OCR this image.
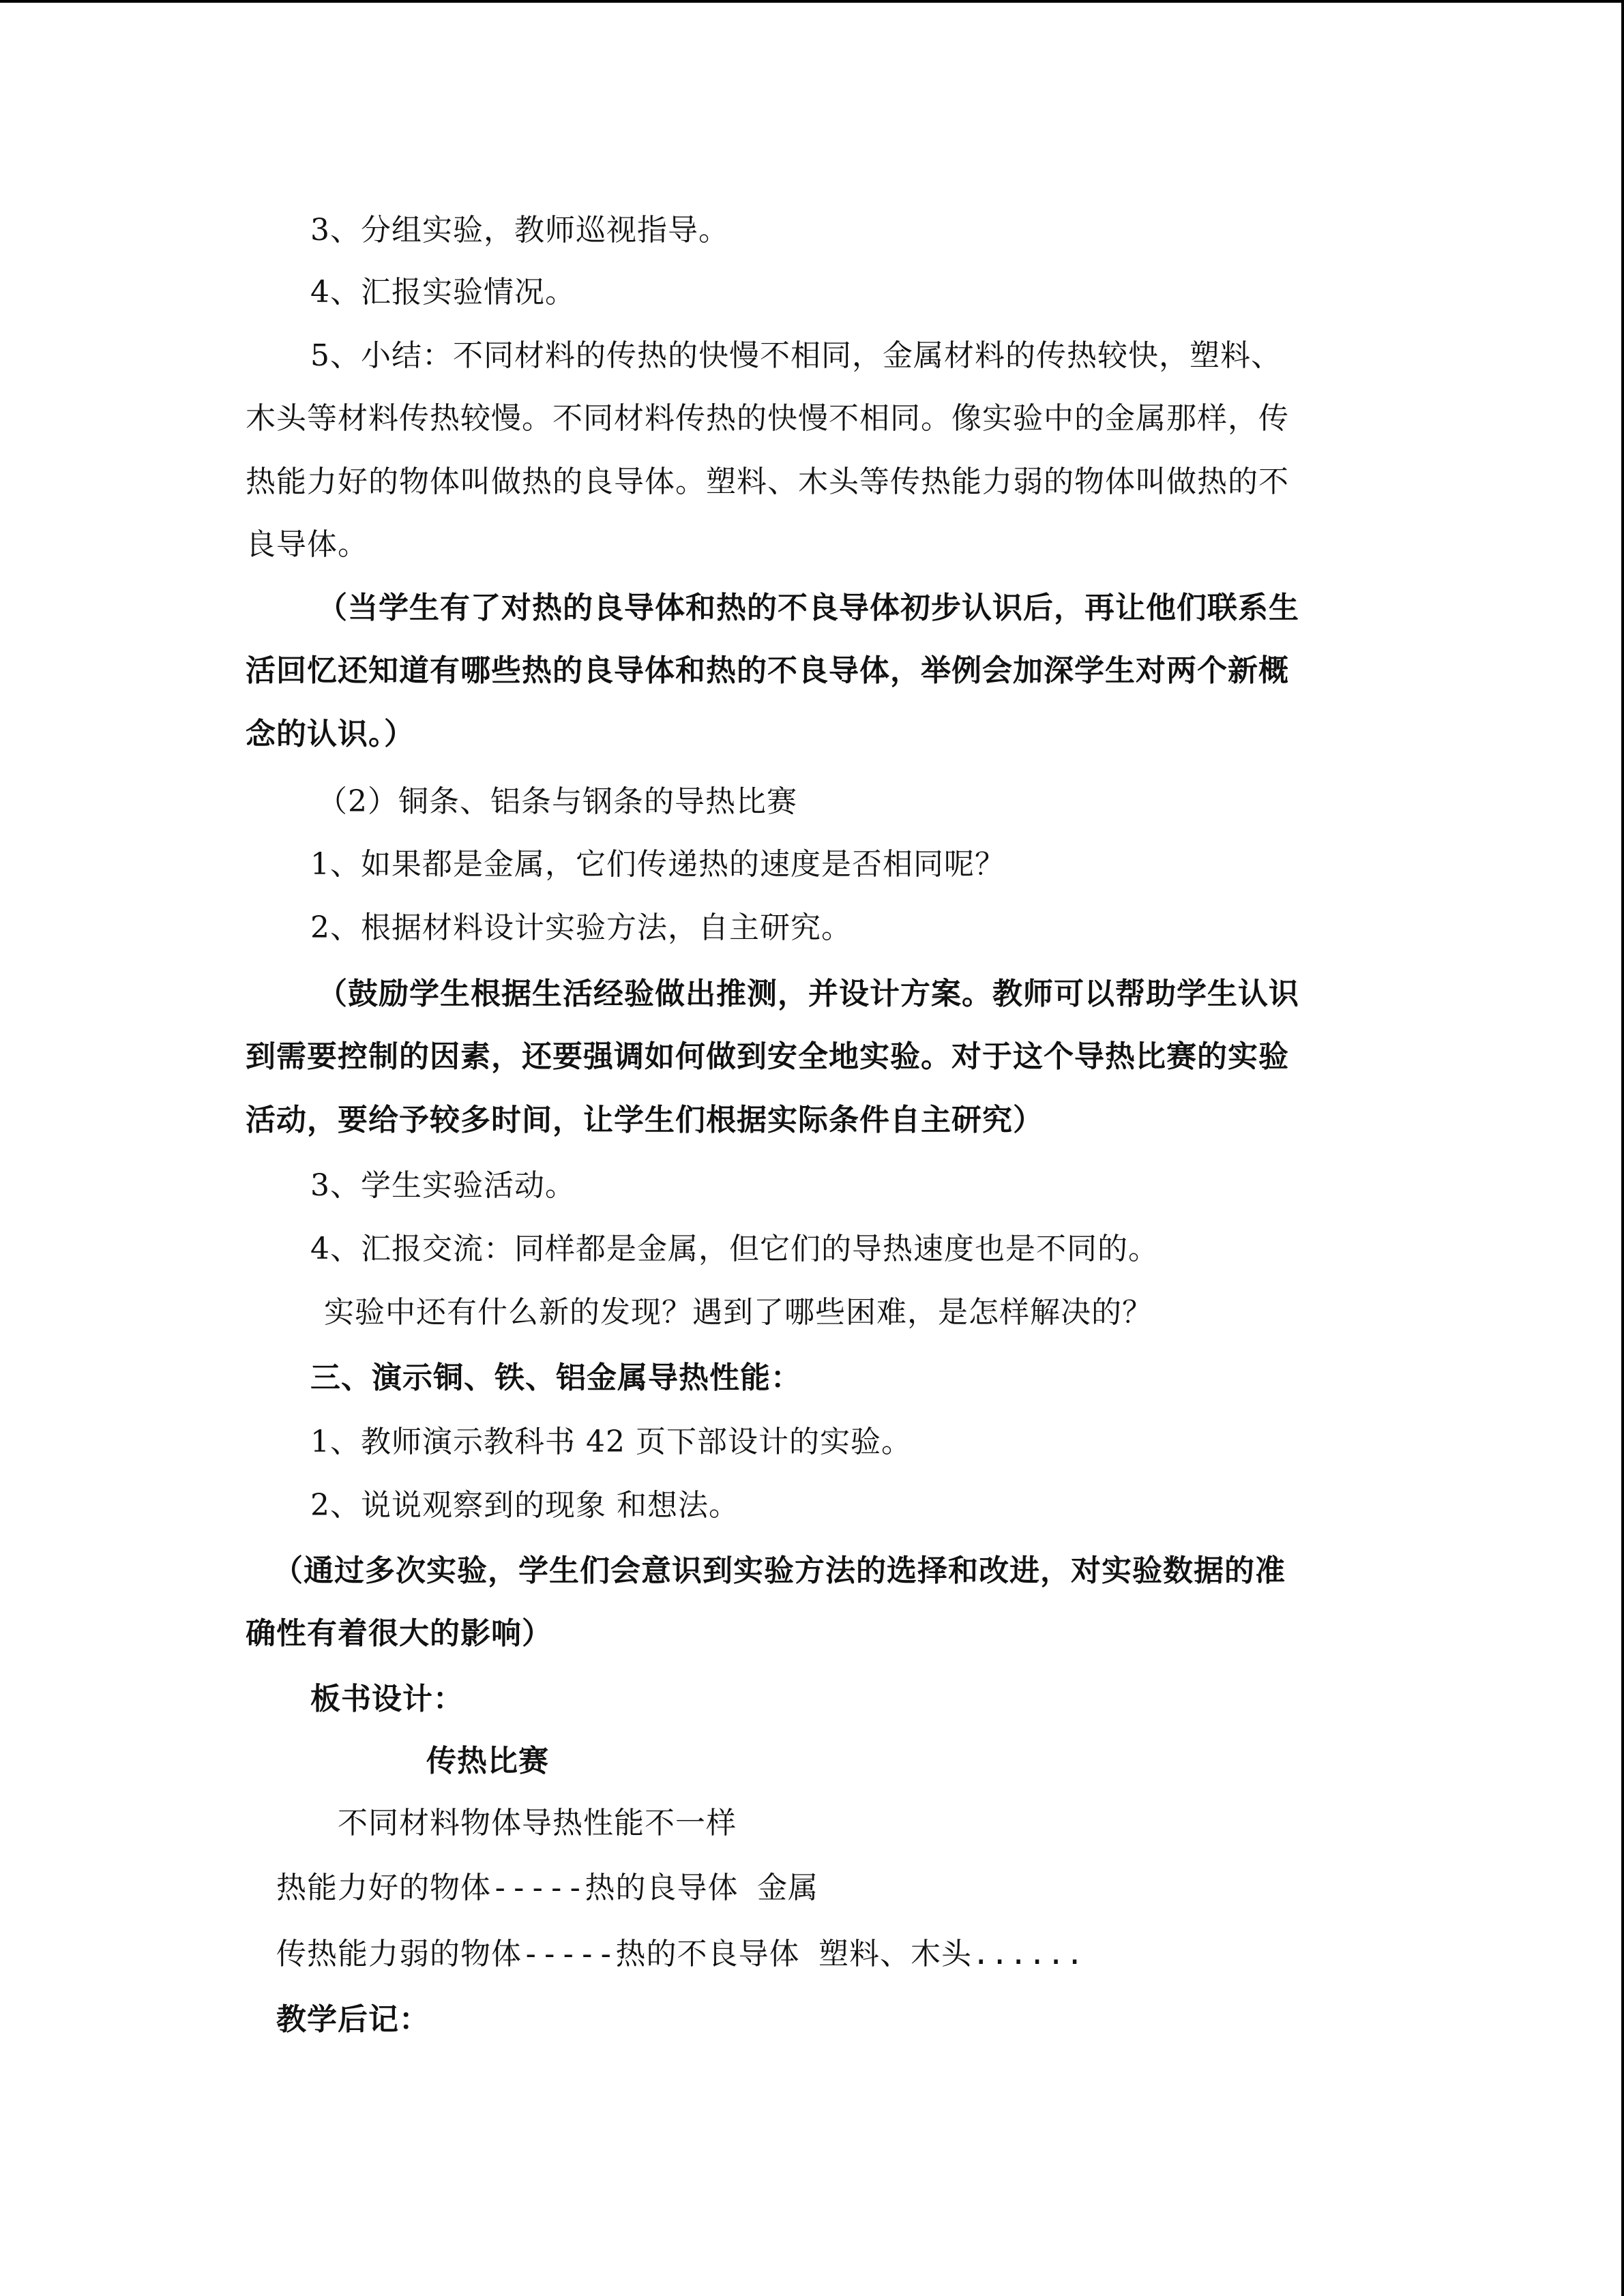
3、分组实验，教师巡视指导。
4、汇报实验情况。
5、小结：不同材料的传热的快慢不相同，金属材料的传热较快，塑料、
木头等材料传热较慢。不同材料传热的快慢不相同。像实验中的金属那样，传
热能力好的物体叫做热的良导体。塑料、木头等传热能力弱的物体叫做热的不
良导体。
（当学生有了对热的良导体和热的不良导体初步认识后，再让他们联系生
活回忆还知道有哪些热的良导体和热的不良导体，举例会加深学生对两个新概
念的认识。）
（2）铜条、铝条与钢条的导热比赛
1、如果都是金属，它们传递热的速度是否相同呢？
2、根据材料设计实验方法，自主研究。
（鼓励学生根据生活经验做出推测，并设计方案。教师可以帮助学生认识
到需要控制的因素，还要强调如何做到安全地实验。对于这个导热比赛的实验
活动，要给予较多时间，让学生们根据实际条件自主研究）
3、学生实验活动。
4、汇报交流：同样都是金属，但它们的导热速度也是不同的。
实验中还有什么新的发现？遇到了哪些困难，是怎样解决的？
三、演示铜、铁、铝金属导热性能：
1、教师演示教科书 42 页下部设计的实验。
2、说说观察到的现象 和想法。
（通过多次实验，学生们会意识到实验方法的选择和改进，对实验数据的准
确性有着很大的影响）
板书设计：
传热比赛
不同材料物体导热性能不一样
热能力好的物体-----热的良导体 金属
传热能力弱的物体-----热的不良导体 塑料、木头......
教学后记：
